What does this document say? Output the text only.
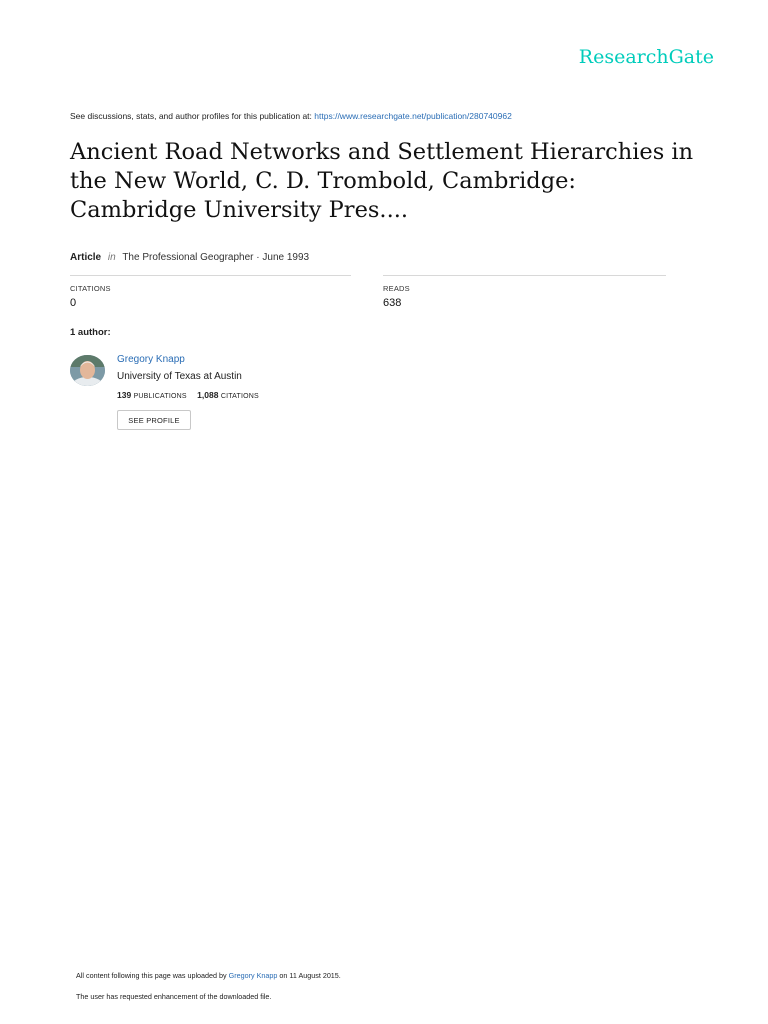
ResearchGate
See discussions, stats, and author profiles for this publication at: https://www.researchgate.net/publication/280740962
Ancient Road Networks and Settlement Hierarchies in
the New World, C. D. Trombold, Cambridge:
Cambridge University Pres....
Article in The Professional Geographer · June 1993
CITATIONS
0
READS
638
1 author:
Gregory Knapp
University of Texas at Austin
139 PUBLICATIONS 1,088 CITATIONS
SEE PROFILE
All content following this page was uploaded by Gregory Knapp on 11 August 2015.
The user has requested enhancement of the downloaded file.
